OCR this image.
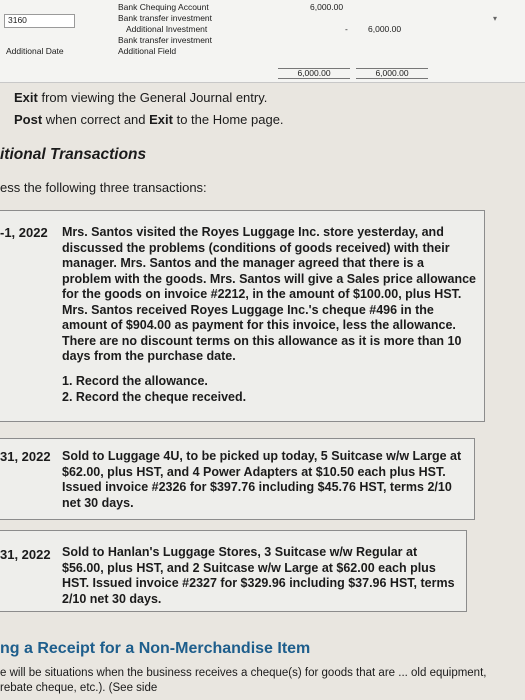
3160
Bank Chequing Account	6,000.00
▾
Bank transfer investment
Additional Investment	- 6,000.00
Bank transfer investment
Additional Date	Additional Field
6,000.00	6,000.00
Exit from viewing the General Journal entry.
Post when correct and Exit to the Home page.
itional Transactions
ess the following three transactions:
-1, 2022 Mrs. Santos visited the Royes Luggage Inc. store yesterday, and discussed the problems (conditions of goods received) with their manager. Mrs. Santos and the manager agreed that there is a problem with the goods. Mrs. Santos will give a Sales price allowance for the goods on invoice #2212, in the amount of $100.00, plus HST. Mrs. Santos received Royes Luggage Inc.'s cheque #496 in the amount of $904.00 as payment for this invoice, less the allowance. There are no discount terms on this allowance as it is more than 10 days from the purchase date.
1. Record the allowance.
2. Record the cheque received.
31, 2022 Sold to Luggage 4U, to be picked up today, 5 Suitcase w/w Large at $62.00, plus HST, and 4 Power Adapters at $10.50 each plus HST. Issued invoice #2326 for $397.76 including $45.76 HST, terms 2/10 net 30 days.
31, 2022 Sold to Hanlan's Luggage Stores, 3 Suitcase w/w Regular at $56.00, plus HST, and 2 Suitcase w/w Large at $62.00 each plus HST. Issued invoice #2327 for $329.96 including $37.96 HST, terms 2/10 net 30 days.
ng a Receipt for a Non-Merchandise Item
e will be situations when the business receives a cheque(s) for goods that are ... old equipment, rebate cheque, etc.). (See side
